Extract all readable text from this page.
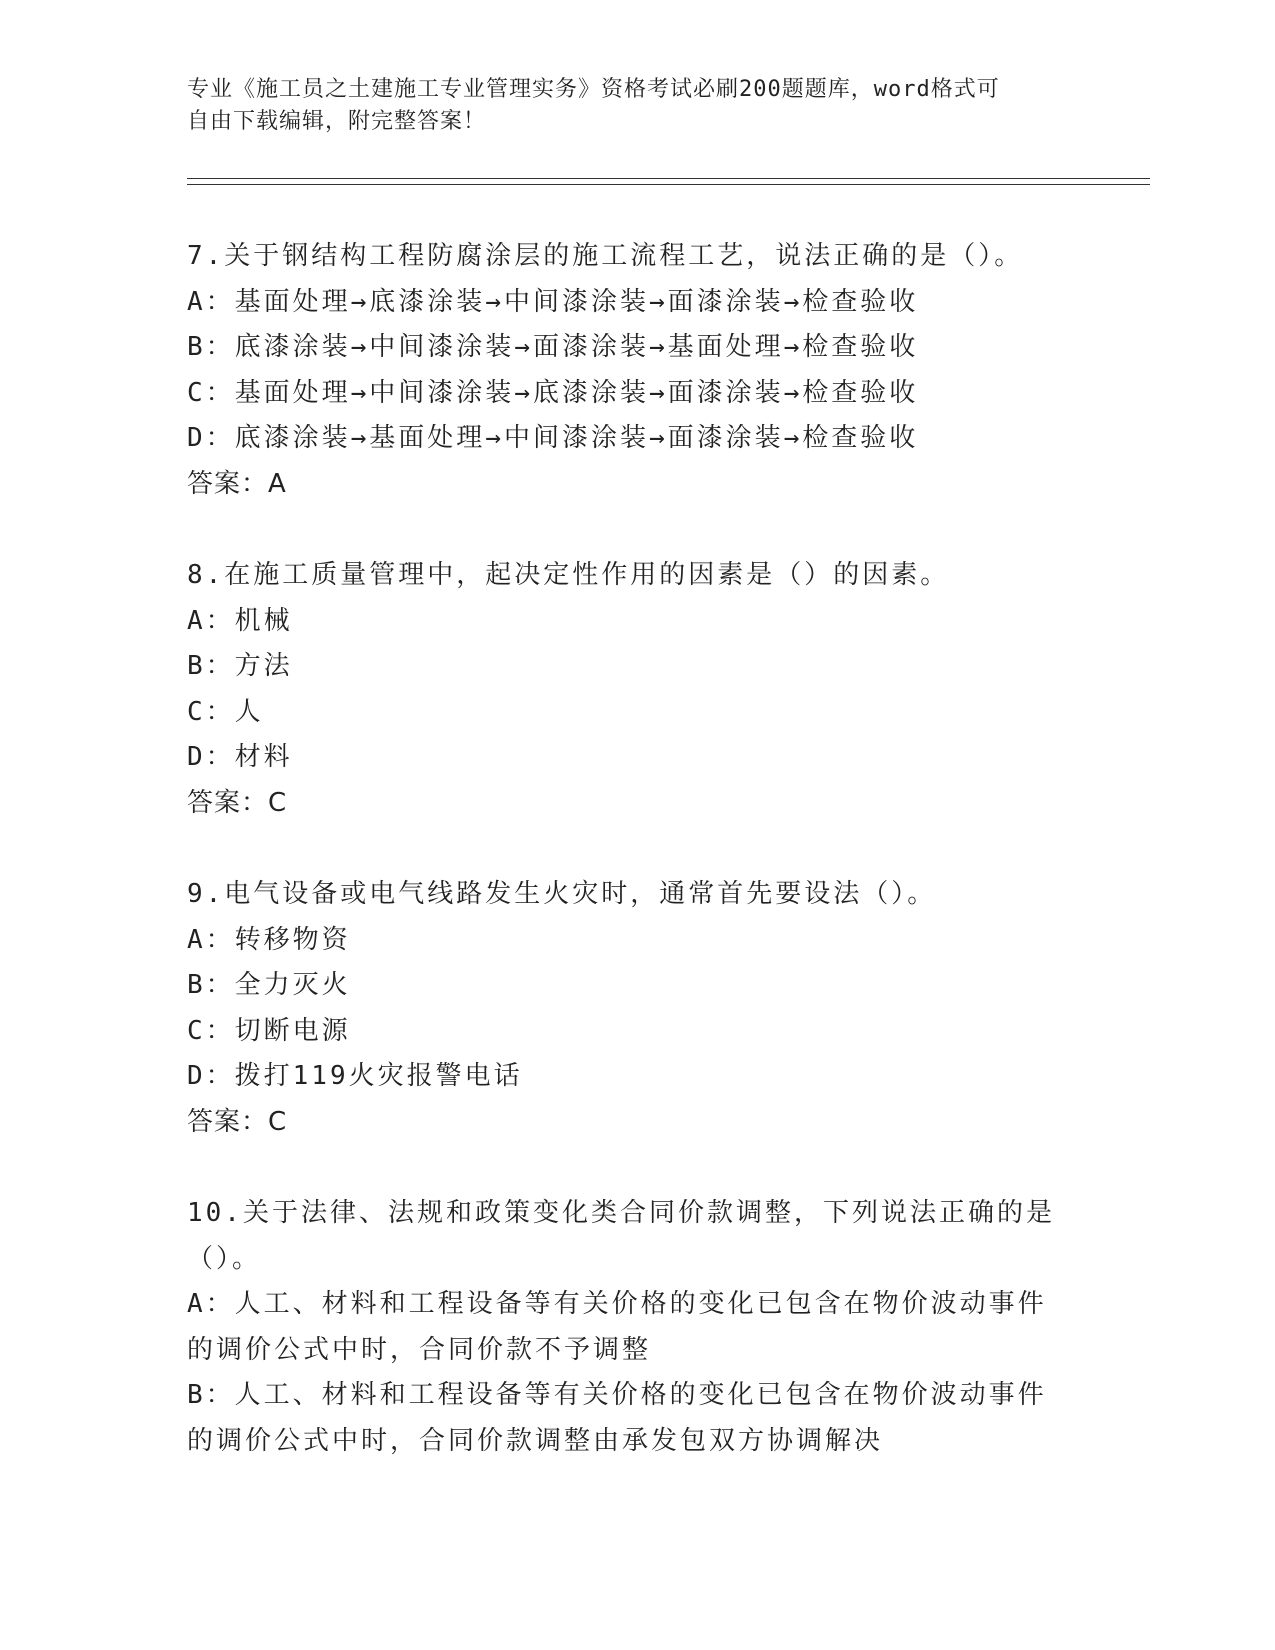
专业《施工员之土建施工专业管理实务》资格考试必刷200题题库，word格式可
自由下载编辑，附完整答案！
7.关于钢结构工程防腐涂层的施工流程工艺，说法正确的是（）。
A：基面处理→底漆涂装→中间漆涂装→面漆涂装→检查验收
B：底漆涂装→中间漆涂装→面漆涂装→基面处理→检查验收
C：基面处理→中间漆涂装→底漆涂装→面漆涂装→检查验收
D：底漆涂装→基面处理→中间漆涂装→面漆涂装→检查验收
答案：A
8.在施工质量管理中，起决定性作用的因素是（）的因素。
A：机械
B：方法
C：人
D：材料
答案：C
9.电气设备或电气线路发生火灾时，通常首先要设法（）。
A：转移物资
B：全力灭火
C：切断电源
D：拨打119火灾报警电话
答案：C
10.关于法律、法规和政策变化类合同价款调整，下列说法正确的是（）。
A：人工、材料和工程设备等有关价格的变化已包含在物价波动事件的调价公式中时，合同价款不予调整
B：人工、材料和工程设备等有关价格的变化已包含在物价波动事件的调价公式中时，合同价款调整由承发包双方协调解决
